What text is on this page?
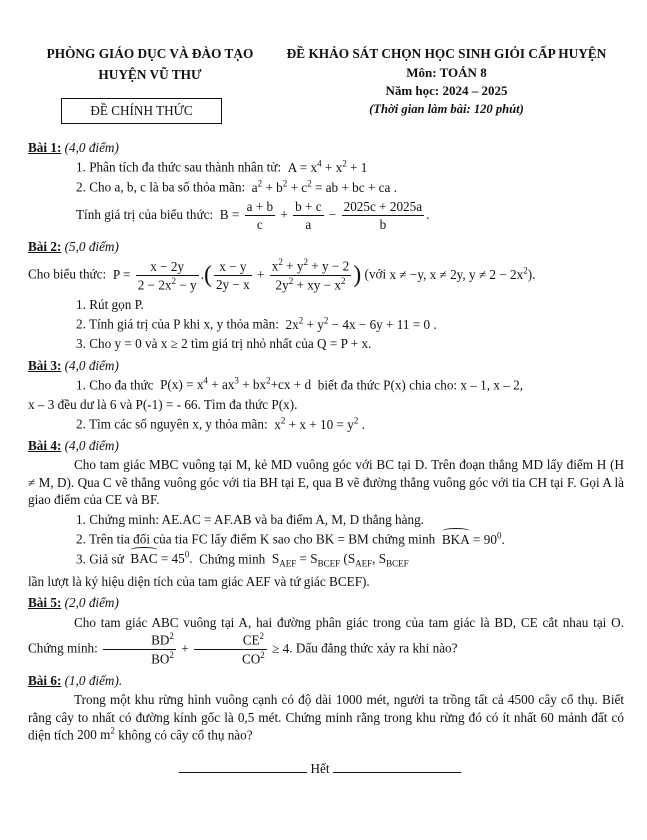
PHÒNG GIÁO DỤC VÀ ĐÀO TẠO
HUYỆN VŨ THƯ
ĐỀ KHẢO SÁT CHỌN HỌC SINH GIỎI CẤP HUYỆN
Môn: TOÁN 8
Năm học: 2024 – 2025
(Thời gian làm bài: 120 phút)
ĐỀ CHÍNH THỨC
Bài 1: (4,0 điểm)
1. Phân tích đa thức sau thành nhân tử:  $A = x^4 + x^2 + 1$
2. Cho a, b, c là ba số thỏa mãn:  $a^2 + b^2 + c^2$ = ab + bc + ca .
Tính giá trị của biểu thức:  $B = \frac{a + b}{c} + \frac{b + c}{a} - \frac{2025c + 2025a}{b}$ .
Bài 2: (5,0 điểm)
Cho biểu thức:  $P = \frac{x - 2y}{2 - 2x^2 - y}$ .( $\frac{x - y}{2y - x} + \frac{x^2 + y^2 + y - 2}{2y^2 + xy - x^2}$ ) (với x ≠ −y, x ≠ 2y, $y \ne 2 - 2x^2$).
1. Rút gọn P.
2. Tính giá trị của P khi x, y thỏa mãn:  $2x^2 + y^2 - 4x - 6y + 11 = 0$ .
3. Cho y = 0 và x ≥ 2 tìm giá trị nhỏ nhất của Q = P + x.
Bài 3: (4,0 điểm)
1. Cho đa thức  $P(x) = x^4 + ax^3 + bx^2+cx + d$  biết đa thức P(x) chia cho: x – 1, x – 2,
x – 3 đều dư là 6 và P(-1) = - 66. Tìm đa thức P(x).
2. Tìm các số nguyên x, y thỏa mãn:  $x^2 + x + 10 = y^2$ .
Bài 4: (4,0 điểm)
Cho tam giác MBC vuông tại M, kẻ MD vuông góc với BC tại D. Trên đoạn thẳng MD lấy điểm H (H ≠ M, D). Qua C vẽ thẳng vuông góc với tia BH tại E, qua B vẽ đường thẳng vuông góc với tia CH tại F. Gọi A là giao điểm của CE và BF.
1. Chứng minh: AE.AC = AF.AB và ba điểm A, M, D thẳng hàng.
2. Trên tia đối của tia FC lấy điểm K sao cho BK = BM chứng minh BKA = $90^0$.
3. Giả sử BAC = $45^0$.  Chứng minh  $S_{AEF} = S_{BCEF}$ ($S_{AEF}$, $S_{BCEF}$
lần lượt là ký hiệu diện tích của tam giác AEF và tứ giác BCEF).
Bài 5: (2,0 điểm)
Cho tam giác ABC vuông tại A, hai đường phân giác trong của tam giác là BD, CE cắt nhau tại O. Chứng minh: $\frac{BD^2}{BO^2} + \frac{CE^2}{CO^2} \ge 4$. Dấu đẳng thức xảy ra khi nào?
Bài 6: (1,0 điểm).
Trong một khu rừng hình vuông cạnh có độ dài 1000 mét, người ta trồng tất cả 4500 cây cổ thụ. Biết rằng cây to nhất có đường kính gốc là 0,5 mét. Chứng minh rằng trong khu rừng đó có ít nhất 60 mảnh đất có diện tích 200 $m^2$ không có cây cổ thụ nào?
Hết
